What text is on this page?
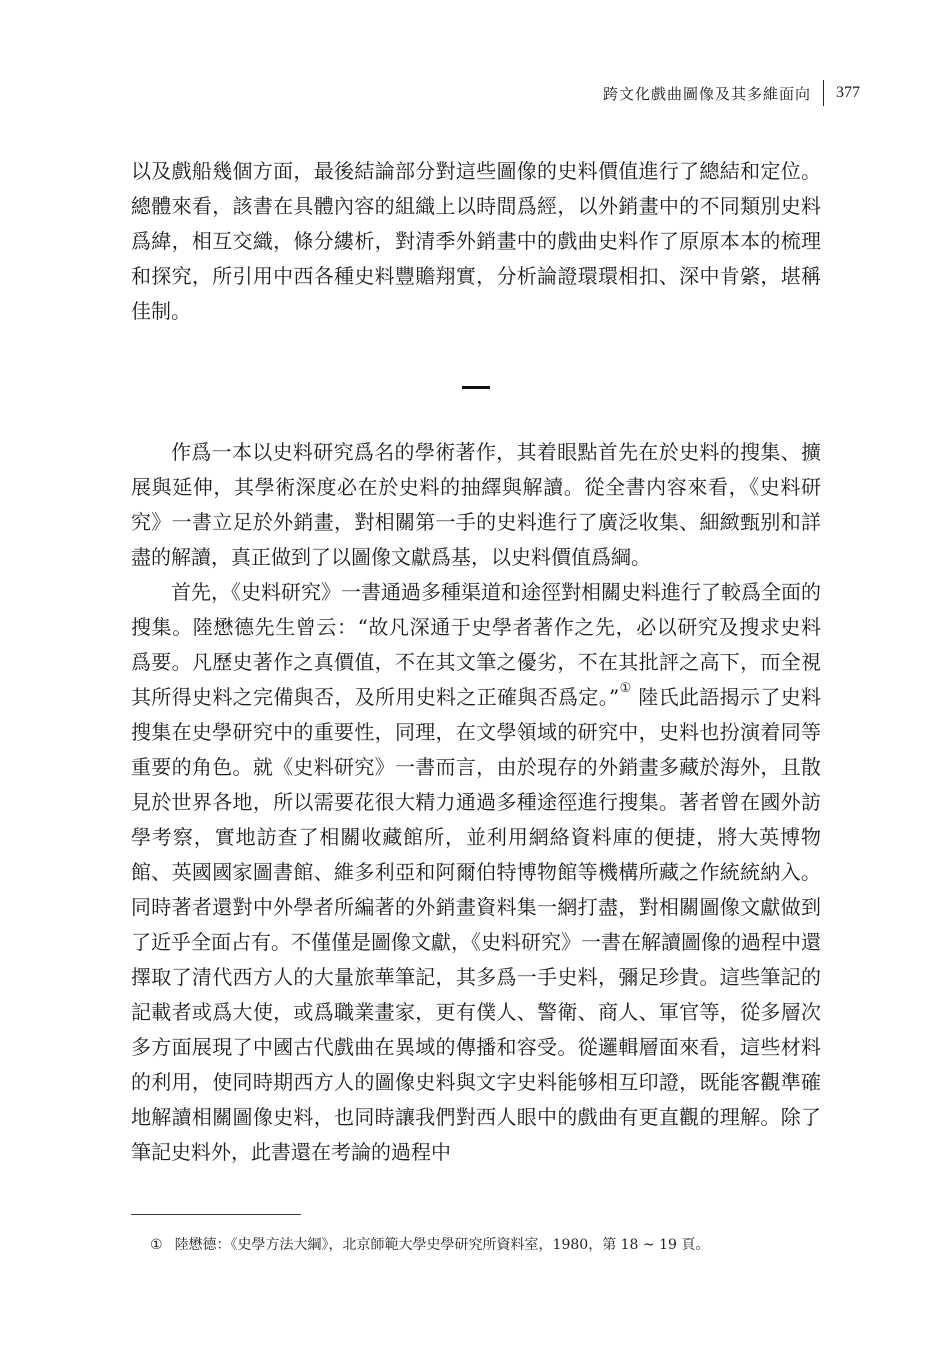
跨文化戲曲圖像及其多維面向	377

以及戲船幾個方面，最後結論部分對這些圖像的史料價值進行了總結和定位。總體來看，該書在具體內容的組織上以時間爲經，以外銷畫中的不同類別史料爲緯，相互交織，條分縷析，對清季外銷畫中的戲曲史料作了原原本本的梳理和探究，所引用中西各種史料豐贍翔實，分析論證環環相扣、深中肯綮，堪稱佳制。

作爲一本以史料研究爲名的學術著作，其着眼點首先在於史料的搜集、擴展與延伸，其學術深度必在於史料的抽繹與解讀。從全書内容來看，《史料研究》一書立足於外銷畫，對相關第一手的史料進行了廣泛收集、細緻甄别和詳盡的解讀，真正做到了以圖像文獻爲基，以史料價值爲綱。

首先，《史料研究》一書通過多種渠道和途徑對相關史料進行了較爲全面的搜集。陸懋德先生曾云：“故凡深通于史學者著作之先，必以研究及搜求史料爲要。凡歷史著作之真價值，不在其文筆之優劣，不在其批評之高下，而全視其所得史料之完備與否，及所用史料之正確與否爲定。”① 陸氏此語揭示了史料搜集在史學研究中的重要性，同理，在文學領域的研究中，史料也扮演着同等重要的角色。就《史料研究》一書而言，由於現存的外銷畫多藏於海外，且散見於世界各地，所以需要花很大精力通過多種途徑進行搜集。著者曾在國外訪學考察，實地訪查了相關收藏館所，並利用網絡資料庫的便捷，將大英博物館、英國國家圖書館、維多利亞和阿爾伯特博物館等機構所藏之作統統納入。同時著者還對中外學者所編著的外銷畫資料集一網打盡，對相關圖像文獻做到了近乎全面占有。不僅僅是圖像文獻，《史料研究》一書在解讀圖像的過程中還擇取了清代西方人的大量旅華筆記，其多爲一手史料，彌足珍貴。這些筆記的記載者或爲大使，或爲職業畫家，更有僕人、警衛、商人、軍官等，從多層次多方面展現了中國古代戲曲在異域的傳播和容受。從邏輯層面來看，這些材料的利用，使同時期西方人的圖像史料與文字史料能够相互印證，既能客觀準確地解讀相關圖像史料，也同時讓我們對西人眼中的戲曲有更直觀的理解。除了筆記史料外，此書還在考論的過程中

① 陸懋德：《史學方法大綱》，北京師範大學史學研究所資料室，1980，第 18 ~ 19 頁。
